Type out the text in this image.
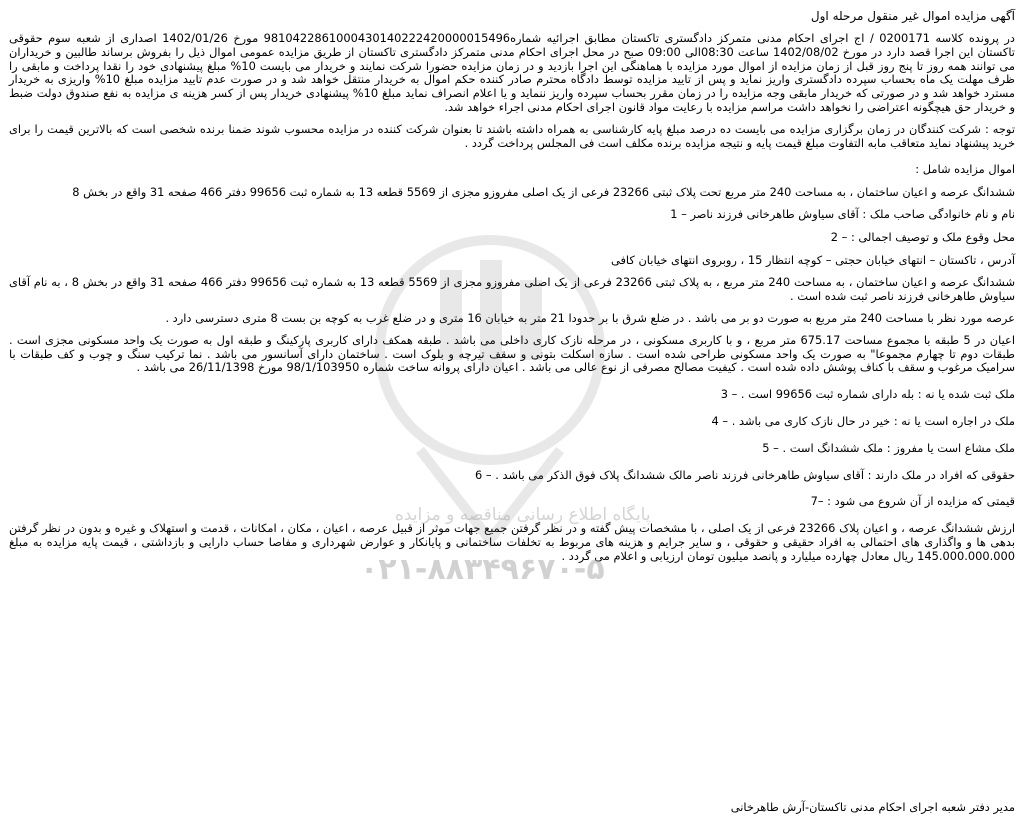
آگهی مزایده اموال غیر منقول مرحله اول
در پرونده کلاسه 0200171 / اج اجرای احکام مدنی متمرکز دادگستری تاکستان مطابق اجرائیه شماره9810422861000430140222420000015496 مورخ 1402/01/26 اصداری از شعبه سوم حقوقی تاکستان این اجرا قصد دارد در مورخ 1402/08/02 ساعت 08:30الی 09:00 صبح در محل اجرای احکام مدنی متمرکز دادگستری تاکستان از طریق مزایده عمومی اموال ذیل را بفروش برساند طالبین و خریداران می توانند همه روز تا پنج روز قبل از زمان مزایده از اموال مورد مزایده با هماهنگی این اجرا بازدید و در زمان مزایده حضورا شرکت نمایند و خریدار می بایست 10% مبلغ پیشنهادی خود را نقدا پرداخت و مابقی را ظرف مهلت یک ماه بحساب سپرده دادگستری واریز نماید و پس از تایید مزایده توسط دادگاه محترم صادر کننده حکم اموال به خریدار منتقل خواهد شد و در صورت عدم تایید مزایده مبلغ 10% واریزی به خریدار مسترد خواهد شد و در صورتی که خریدار مابقی وجه مزایده را در زمان مقرر بحساب سپرده واریز ننماید و یا اعلام انصراف نماید مبلغ 10% پیشنهادی خریدار پس از کسر هزینه ی مزایده به نفع صندوق دولت ضبط و خریدار حق هیچگونه اعتراضی را نخواهد داشت مراسم مزایده با رعایت مواد قانون اجرای احکام مدنی اجراء خواهد شد.
توجه : شرکت کنندگان در زمان برگزاری مزایده می بایست ده درصد مبلغ پایه کارشناسی به همراه داشته باشند تا بعنوان شرکت کننده در مزایده محسوب شوند ضمنا برنده شخصی است که بالاترین قیمت را برای خرید پیشنهاد نماید متعاقب مابه التفاوت مبلغ قیمت پایه و نتیجه مزایده برنده مکلف است فی المجلس پرداخت گردد .
اموال مزایده شامل :
ششدانگ عرصه و اعیان ساختمان ، به مساحت 240 متر مربع تحت پلاک ثبتی 23266 فرعی از یک اصلی مفروزو مجزی از 5569 قطعه 13 به شماره ثبت 99656 دفتر 466 صفحه 31 واقع در بخش 8
نام و نام خانوادگی صاحب ملک : آقای سیاوش طاهرخانی فرزند ناصر – 1
محل وقوع ملک و توصیف اجمالی : – 2
آدرس ، تاکستان – انتهای خیابان حجتی – کوچه انتظار 15 ، روبروی انتهای خیابان کافی
ششدانگ عرصه و اعیان ساختمان ، به مساحت 240 متر مربع ، به پلاک ثبتی 23266 فرعی از یک اصلی مفروزو مجزی از 5569 قطعه 13 به شماره ثبت 99656 دفتر 466 صفحه 31 واقع در بخش 8 ، به نام آقای سیاوش طاهرخانی فرزند ناصر ثبت شده است .
عرصه مورد نظر با مساحت 240 متر مربع به صورت دو بر می باشد . در ضلع شرق با بر حدودا 21 متر به خیابان 16 متری و در ضلع غرب به کوچه بن بست 8 متری دسترسی دارد .
اعیان در 5 طبقه با مجموع مساحت 675.17 متر مربع ، و با کاربری مسکونی ، در مرحله نازک کاری داخلی می باشد . طبقه همکف دارای کاربری پارکینگ و طبقه اول به صورت یک واحد مسکونی مجزی است . طبقات دوم تا چهارم مجموعا" به صورت یک واحد مسکونی طراحی شده است . سازه اسکلت بتونی و سقف تیرچه و بلوک است . ساختمان دارای آسانسور می باشد . نما ترکیب سنگ و چوب و کف طبقات با سرامیک مرغوب و سقف با کناف پوشش داده شده است . کیفیت مصالح مصرفی از نوع عالی می باشد . اعیان دارای پروانه ساخت شماره 98/1/103950 مورخ 26/11/1398 می باشد .
ملک ثبت شده یا نه : بله دارای شماره ثبت 99656 است . – 3
ملک در اجاره است یا نه : خیر در حال نازک کاری می باشد . – 4
ملک مشاع است یا مفروز : ملک ششدانگ است . – 5
حقوقی که افراد در ملک دارند : آقای سیاوش طاهرخانی فرزند ناصر مالک ششدانگ پلاک فوق الذکر می باشد . – 6
قیمتی که مزایده از آن شروع می شود : –7
ارزش ششدانگ عرصه ، و اعیان پلاک 23266 فرعی از یک اصلی ، با مشخصات پیش گفته و در نظر گرفتن جمیع جهات موثر از قبیل عرصه ، اعیان ، مکان ، امکانات ، قدمت و استهلاک و غیره و بدون در نظر گرفتن بدهی ها و واگذاری های احتمالی به افراد حقیقی و حقوقی ، و سایر جرایم و هزینه های مربوط به تخلفات ساختمانی و پایانکار و عوارض شهرداری و مفاصا حساب دارایی و بازداشتی ، قیمت پایه مزایده به مبلغ 145.000.000.000 ریال معادل چهارده میلیارد و پانصد میلیون تومان ارزیابی و اعلام می گردد .
پایگاه اطلاع رسانی مناقصه و مزایده
۰۲۱-۸۸۳۴۹۶۷۰-۵
مدیر دفتر شعبه اجرای احکام مدنی تاکستان-آرش طاهرخانی
